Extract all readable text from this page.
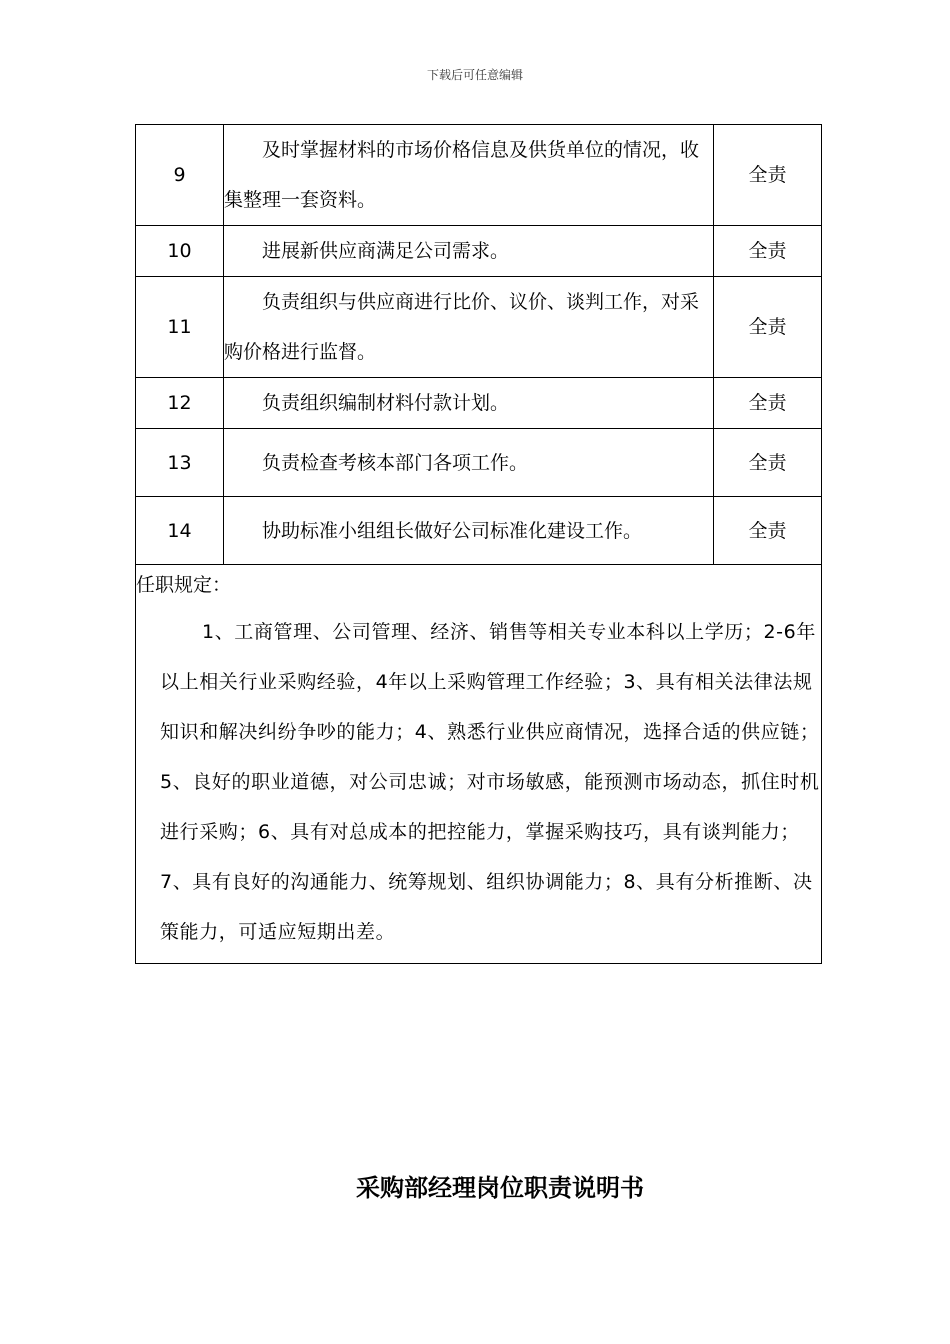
下载后可任意编辑
9	及时掌握材料的市场价格信息及供货单位的情况，收集整理一套资料。	全责
10	进展新供应商满足公司需求。	全责
11	负责组织与供应商进行比价、议价、谈判工作，对采购价格进行监督。	全责
12	负责组织编制材料付款计划。	全责
13	负责检查考核本部门各项工作。	全责
14	协助标准小组组长做好公司标准化建设工作。	全责

任职规定：
1、工商管理、公司管理、经济、销售等相关专业本科以上学历；2-6年以上相关行业采购经验，4年以上采购管理工作经验；3、具有相关法律法规知识和解决纠纷争吵的能力；4、熟悉行业供应商情况，选择合适的供应链；5、良好的职业道德，对公司忠诚；对市场敏感，能预测市场动态，抓住时机进行采购；6、具有对总成本的把控能力，掌握采购技巧，具有谈判能力；7、具有良好的沟通能力、统筹规划、组织协调能力；8、具有分析推断、决策能力，可适应短期出差。		
采购部经理岗位职责说明书
